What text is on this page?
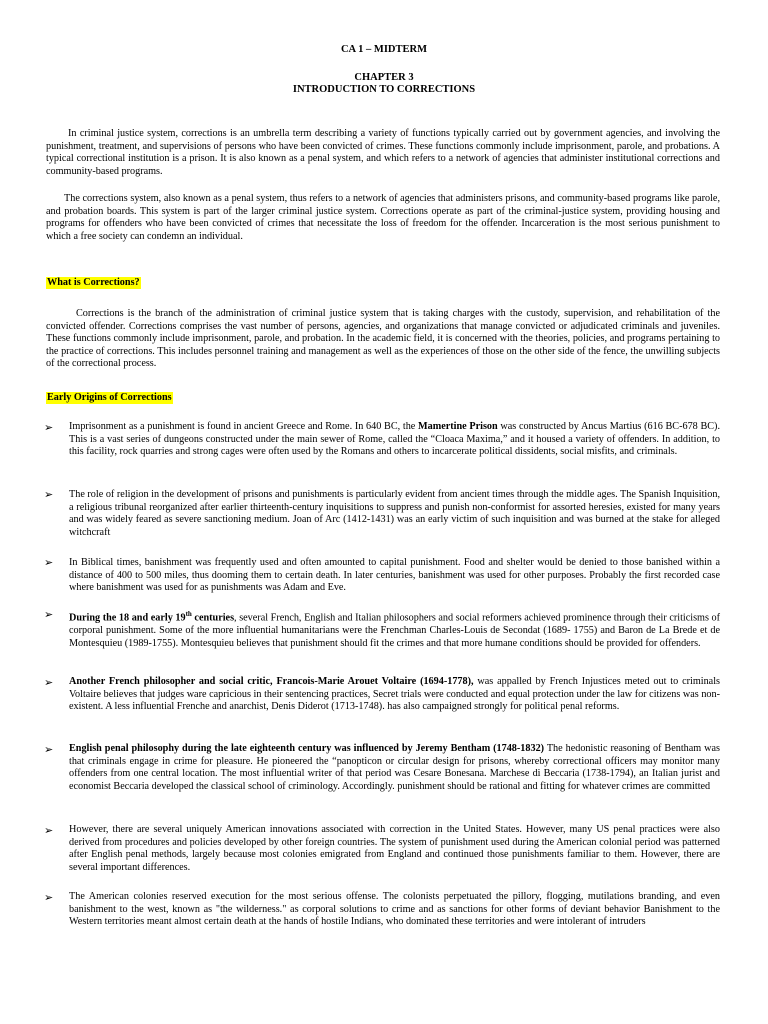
CA 1 – MIDTERM
CHAPTER 3
INTRODUCTION TO CORRECTIONS
In criminal justice system, corrections is an umbrella term describing a variety of functions typically carried out by government agencies, and involving the punishment, treatment, and supervisions of persons who have been convicted of crimes. These functions commonly include imprisonment, parole, and probations. A typical correctional institution is a prison. It is also known as a penal system, and which refers to a network of agencies that administer institutional corrections and community-based programs.
The corrections system, also known as a penal system, thus refers to a network of agencies that administers prisons, and community-based programs like parole, and probation boards. This system is part of the larger criminal justice system. Corrections operate as part of the criminal-justice system, providing housing and programs for offenders who have been convicted of crimes that necessitate the loss of freedom for the offender. Incarceration is the most serious punishment to which a free society can condemn an individual.
What is Corrections?
Corrections is the branch of the administration of criminal justice system that is taking charges with the custody, supervision, and rehabilitation of the convicted offender. Corrections comprises the vast number of persons, agencies, and organizations that manage convicted or adjudicated criminals and juveniles. These functions commonly include imprisonment, parole, and probation. In the academic field, it is concerned with the theories, policies, and programs pertaining to the practice of corrections. This includes personnel training and management as well as the experiences of those on the other side of the fence, the unwilling subjects of the correctional process.
Early Origins of Corrections
➢	Imprisonment as a punishment is found in ancient Greece and Rome. In 640 BC, the Mamertine Prison was constructed by Ancus Martius (616 BC-678 BC). This is a vast series of dungeons constructed under the main sewer of Rome, called the “Cloaca Maxima,” and it housed a variety of offenders. In addition, to this facility, rock quarries and strong cages were often used by the Romans and others to incarcerate political dissidents, social misfits, and criminals.
➢	The role of religion in the development of prisons and punishments is particularly evident from ancient times through the middle ages. The Spanish Inquisition, a religious tribunal reorganized after earlier thirteenth-century inquisitions to suppress and punish non-conformist for assorted heresies, existed for many years and was widely feared as severe sanctioning medium. Joan of Arc (1412-1431) was an early victim of such inquisition and was burned at the stake for alleged witchcraft
➢	In Biblical times, banishment was frequently used and often amounted to capital punishment. Food and shelter would be denied to those banished within a distance of 400 to 500 miles, thus dooming them to certain death. In later centuries, banishment was used for other purposes. Probably the first recorded case where banishment was used for as punishments was Adam and Eve.
➢	During the 18 and early 19th centuries, several French, English and Italian philosophers and social reformers achieved prominence through their criticisms of corporal punishment. Some of the more influential humanitarians were the Frenchman Charles-Louis de Secondat (1689- 1755) and Baron de La Brede et de Montesquieu (1989-1755). Montesquieu believes that punishment should fit the crimes and that more humane conditions should be provided for offenders.
➢	Another French philosopher and social critic, Francois-Marie Arouet Voltaire (1694-1778), was appalled by French Injustices meted out to criminals Voltaire believes that judges ware capricious in their sentencing practices, Secret trials were conducted and equal protection under the law for citizens was non-existent. A less influential Frenche and anarchist, Denis Diderot (1713-1748). has also campaigned strongly for political penal reforms.
➢	English penal philosophy during the late eighteenth century was influenced by Jeremy Bentham (1748-1832) The hedonistic reasoning of Bentham was that criminals engage in crime for pleasure. He pioneered the “panopticon or circular design for prisons, whereby correctional officers may monitor many offenders from one central location. The most influential writer of that period was Cesare Bonesana. Marchese di Beccaria (1738-1794), an Italian jurist and economist Beccaria developed the classical school of criminology. Accordingly. punishment should be rational and fitting for whatever crimes are committed
➢	However, there are several uniquely American innovations associated with correction in the United States. However, many US penal practices were also derived from procedures and policies developed by other foreign countries. The system of punishment used during the American colonial period was patterned after English penal methods, largely because most colonies emigrated from England and continued those punishments familiar to them. However, there are several important differences.
➢	The American colonies reserved execution for the most serious offense. The colonists perpetuated the pillory, flogging, mutilations branding, and even banishment to the west, known as "the wilderness." as corporal solutions to crime and as sanctions for other forms of deviant behavior Banishment to the Western territories meant almost certain death at the hands of hostile Indians, who dominated these territories and were intolerant of intruders
